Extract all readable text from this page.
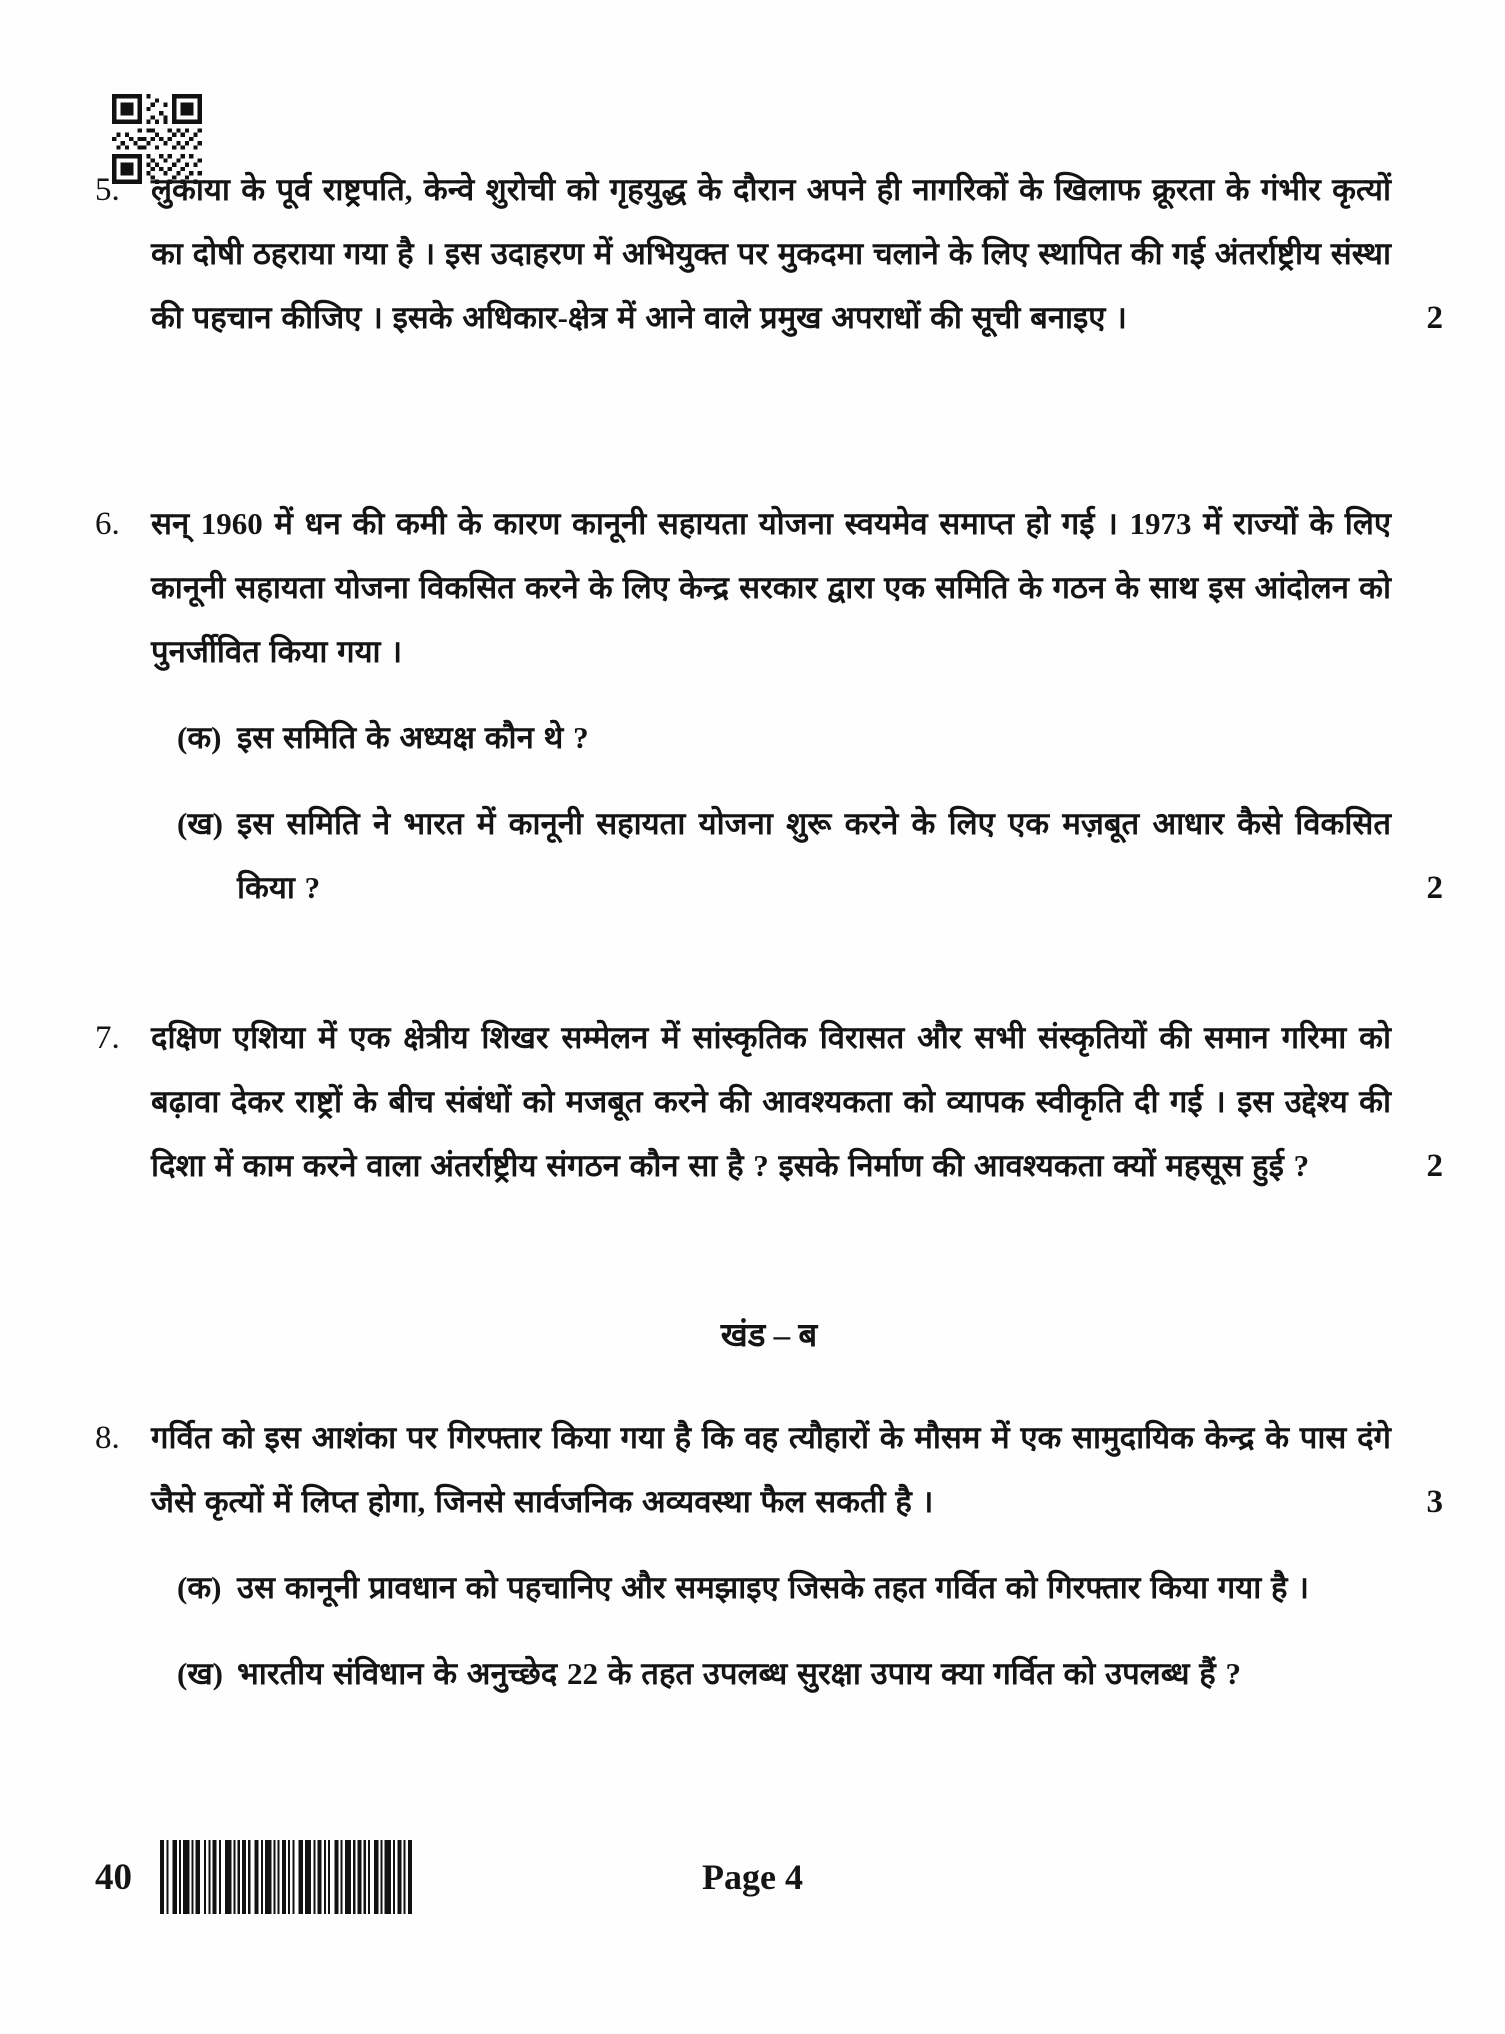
5.	लुकाया के पूर्व राष्ट्रपति, केन्वे शुरोची को गृहयुद्ध के दौरान अपने ही नागरिकों के खिलाफ क्रूरता के गंभीर कृत्यों का दोषी ठहराया गया है । इस उदाहरण में अभियुक्त पर मुकदमा चलाने के लिए स्थापित की गई अंतर्राष्ट्रीय संस्था की पहचान कीजिए । इसके अधिकार-क्षेत्र में आने वाले प्रमुख अपराधों की सूची बनाइए ।	2
6.	सन् 1960 में धन की कमी के कारण कानूनी सहायता योजना स्वयमेव समाप्त हो गई । 1973 में राज्यों के लिए कानूनी सहायता योजना विकसित करने के लिए केन्द्र सरकार द्वारा एक समिति के गठन के साथ इस आंदोलन को पुनर्जीवित किया गया ।

(क) इस समिति के अध्यक्ष कौन थे ?

(ख) इस समिति ने भारत में कानूनी सहायता योजना शुरू करने के लिए एक मज़बूत आधार कैसे विकसित किया ?	2
7.	दक्षिण एशिया में एक क्षेत्रीय शिखर सम्मेलन में सांस्कृतिक विरासत और सभी संस्कृतियों की समान गरिमा को बढ़ावा देकर राष्ट्रों के बीच संबंधों को मजबूत करने की आवश्यकता को व्यापक स्वीकृति दी गई । इस उद्देश्य की दिशा में काम करने वाला अंतर्राष्ट्रीय संगठन कौन सा है ? इसके निर्माण की आवश्यकता क्यों महसूस हुई ?	2
खंड – ब
8.	गर्वित को इस आशंका पर गिरफ्तार किया गया है कि वह त्यौहारों के मौसम में एक सामुदायिक केन्द्र के पास दंगे जैसे कृत्यों में लिप्त होगा, जिनसे सार्वजनिक अव्यवस्था फैल सकती है ।	3
(क) उस कानूनी प्रावधान को पहचानिए और समझाइए जिसके तहत गर्वित को गिरफ्तार किया गया है ।

(ख) भारतीय संविधान के अनुच्छेद 22 के तहत उपलब्ध सुरक्षा उपाय क्या गर्वित को उपलब्ध हैं ?

40	Page 4
